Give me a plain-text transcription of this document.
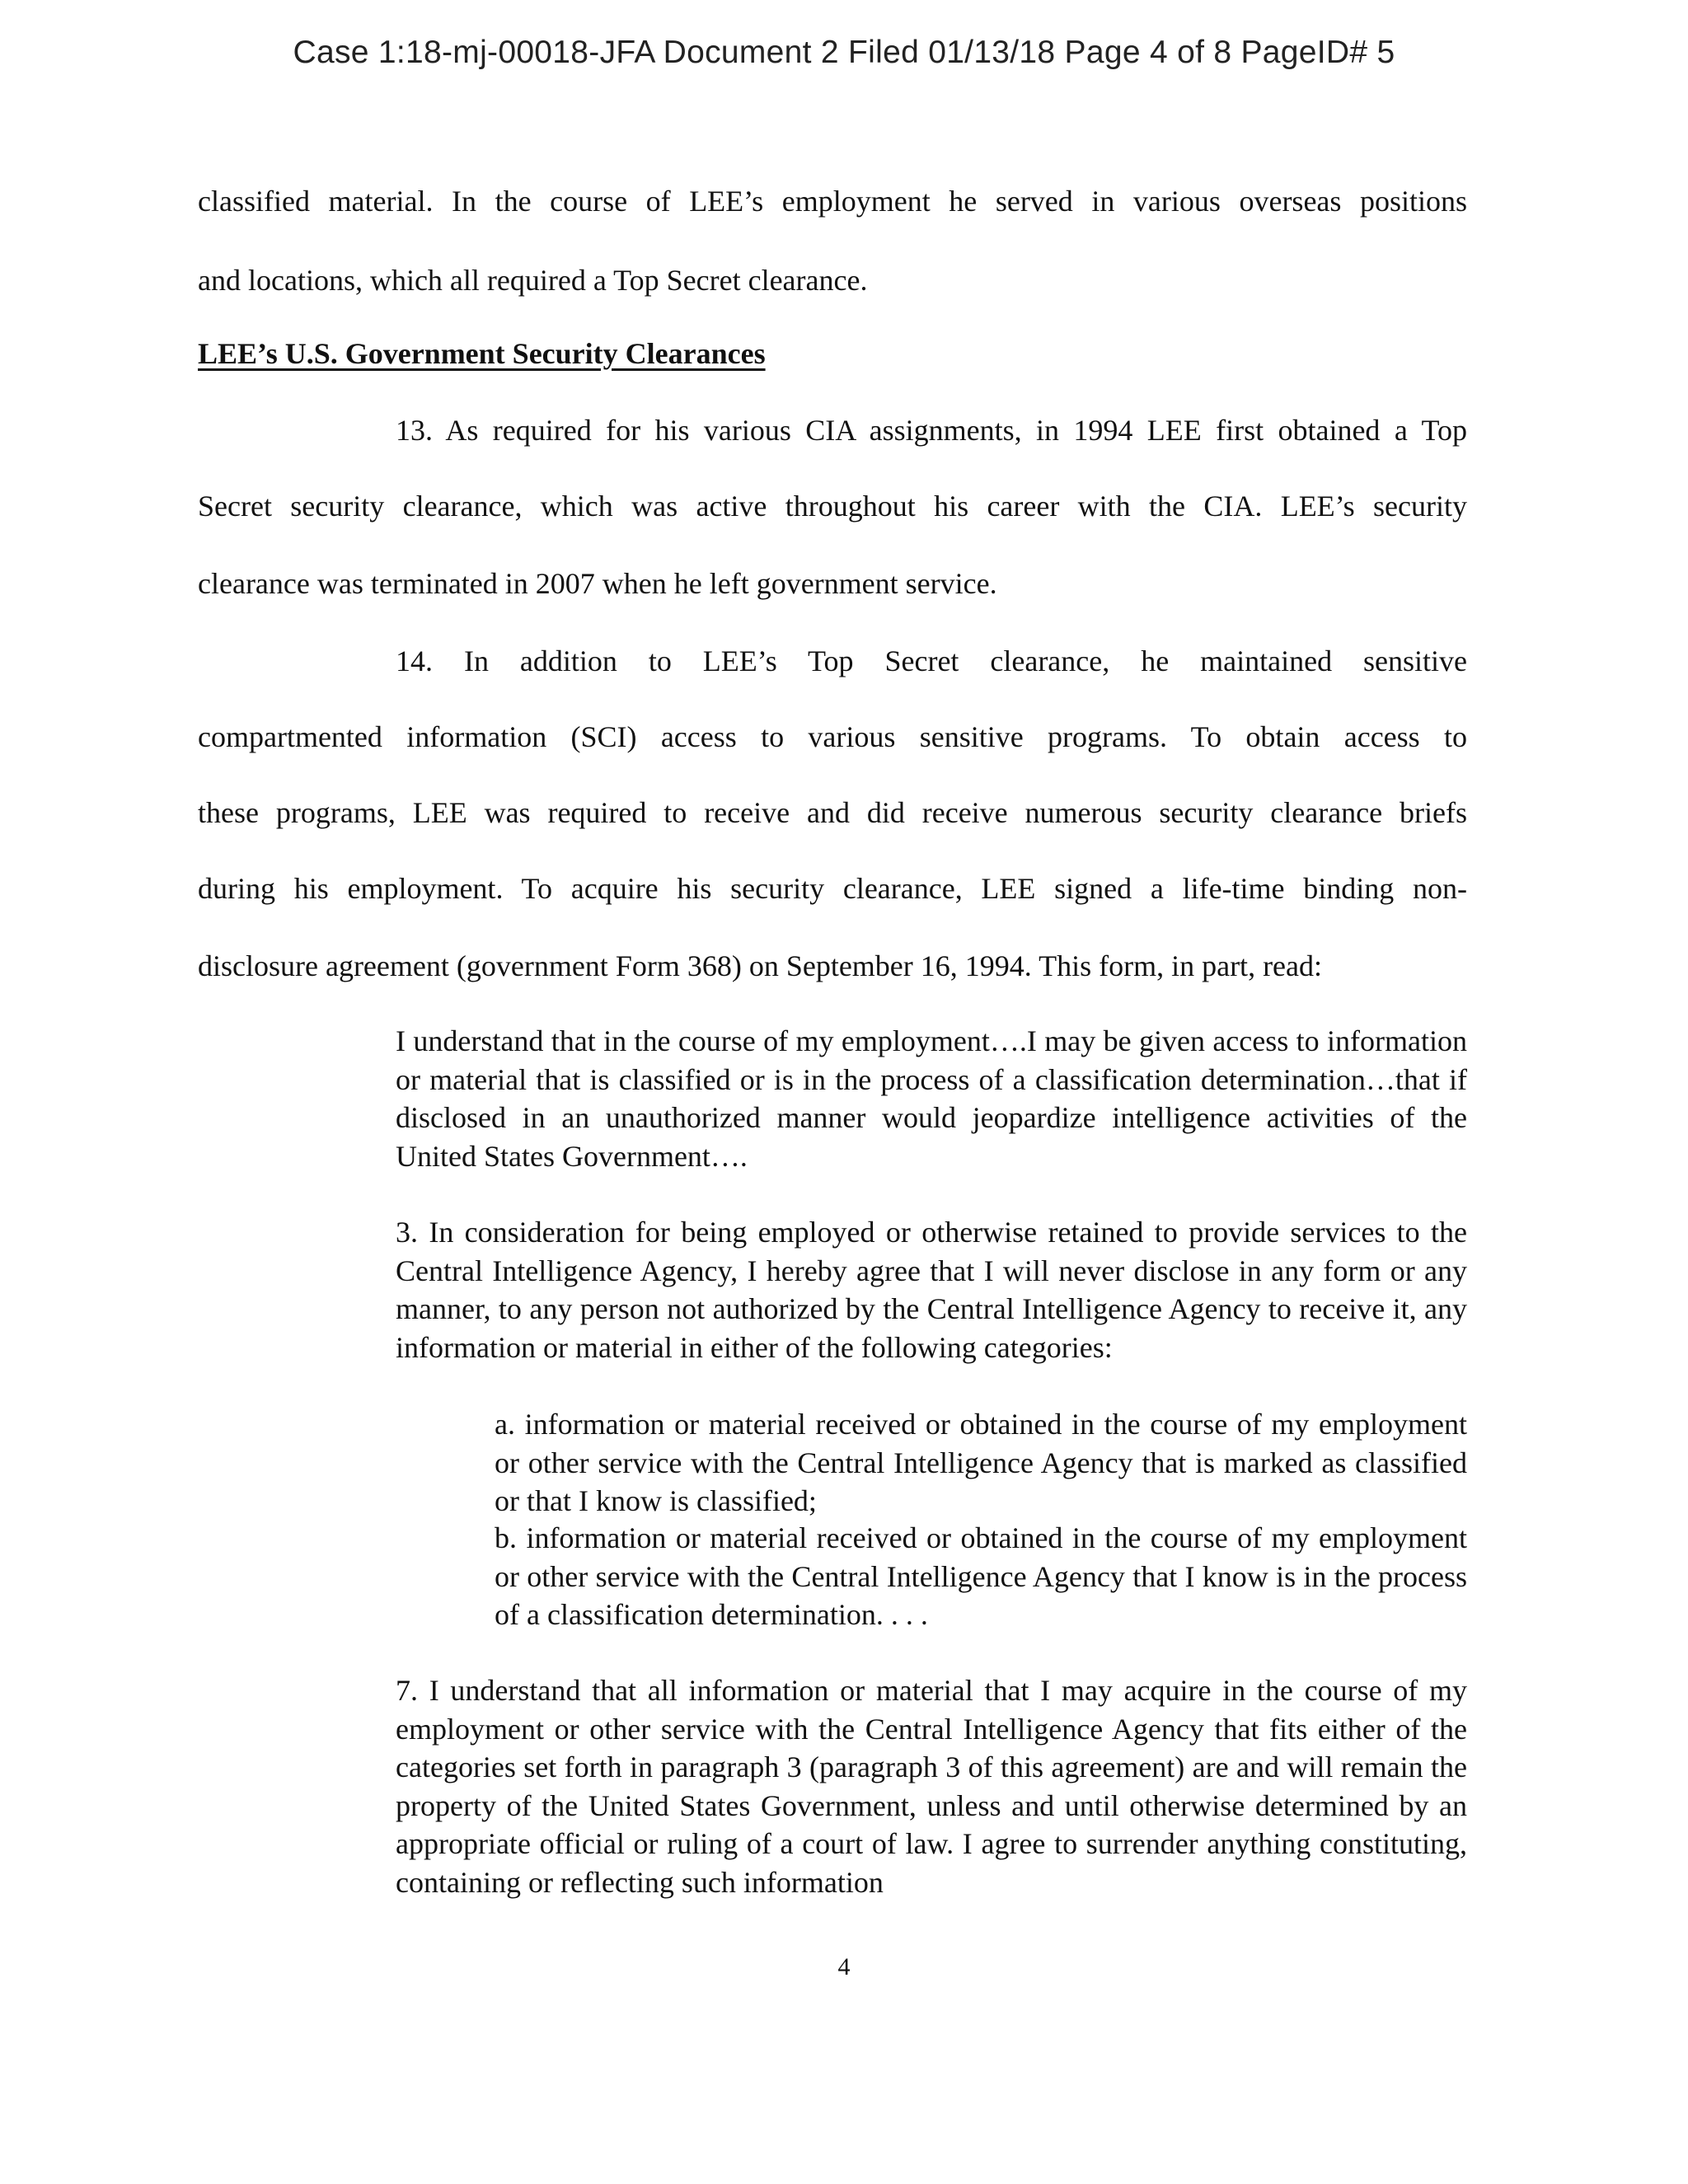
Case 1:18-mj-00018-JFA Document 2 Filed 01/13/18 Page 4 of 8 PageID# 5
classified material. In the course of LEE’s employment he served in various overseas positions
and locations, which all required a Top Secret clearance.
LEE’s U.S. Government Security Clearances
13. As required for his various CIA assignments, in 1994 LEE first obtained a Top
Secret security clearance, which was active throughout his career with the CIA. LEE’s security
clearance was terminated in 2007 when he left government service.
14. In addition to LEE’s Top Secret clearance, he maintained sensitive
compartmented information (SCI) access to various sensitive programs. To obtain access to
these programs, LEE was required to receive and did receive numerous security clearance briefs
during his employment. To acquire his security clearance, LEE signed a life-time binding non-
disclosure agreement (government Form 368) on September 16, 1994. This form, in part, read:
I understand that in the course of my employment….I may be given access to information or material that is classified or is in the process of a classification determination…that if disclosed in an unauthorized manner would jeopardize intelligence activities of the United States Government….
3. In consideration for being employed or otherwise retained to provide services to the Central Intelligence Agency, I hereby agree that I will never disclose in any form or any manner, to any person not authorized by the Central Intelligence Agency to receive it, any information or material in either of the following categories:
a. information or material received or obtained in the course of my employment or other service with the Central Intelligence Agency that is marked as classified or that I know is classified;
b. information or material received or obtained in the course of my employment or other service with the Central Intelligence Agency that I know is in the process of a classification determination. . . .
7. I understand that all information or material that I may acquire in the course of my employment or other service with the Central Intelligence Agency that fits either of the categories set forth in paragraph 3 (paragraph 3 of this agreement) are and will remain the property of the United States Government, unless and until otherwise determined by an appropriate official or ruling of a court of law. I agree to surrender anything constituting, containing or reflecting such information
4
